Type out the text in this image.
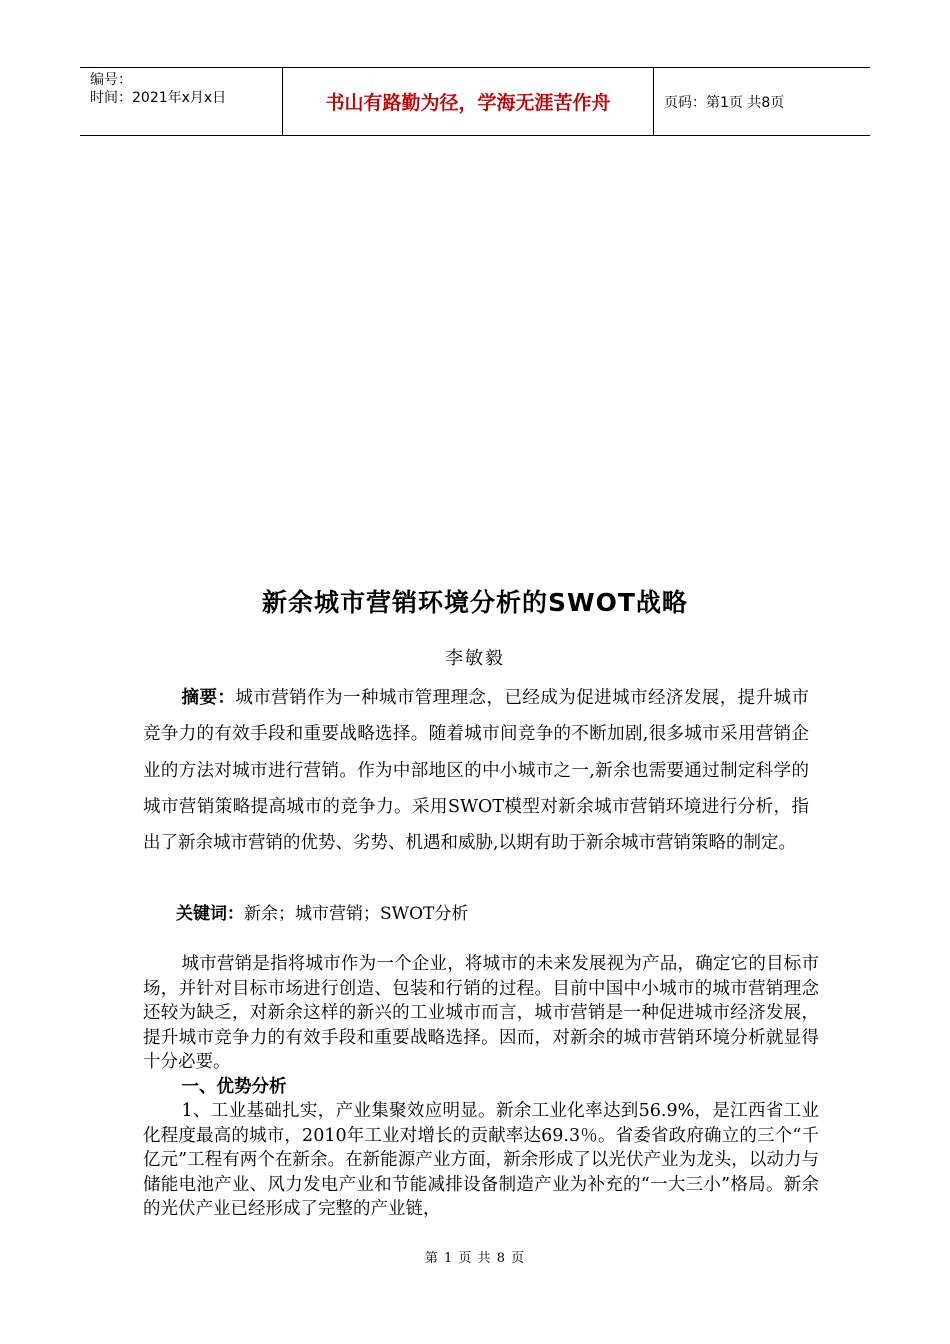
编号：
时间：2021年x月x日	书山有路勤为径，学海无涯苦作舟	页码：第1页 共8页
新余城市营销环境分析的SWOT战略
李敏毅

摘要：城市营销作为一种城市管理理念，已经成为促进城市经济发展，提升城市竞争力的有效手段和重要战略选择。随着城市间竞争的不断加剧,很多城市采用营销企业的方法对城市进行营销。作为中部地区的中小城市之一,新余也需要通过制定科学的城市营销策略提高城市的竞争力。采用SWOT模型对新余城市营销环境进行分析，指出了新余城市营销的优势、劣势、机遇和威胁,以期有助于新余城市营销策略的制定。

关键词：新余；城市营销；SWOT分析

城市营销是指将城市作为一个企业，将城市的未来发展视为产品，确定它的目标市场，并针对目标市场进行创造、包装和行销的过程。目前中国中小城市的城市营销理念还较为缺乏，对新余这样的新兴的工业城市而言，城市营销是一种促进城市经济发展，提升城市竞争力的有效手段和重要战略选择。因而，对新余的城市营销环境分析就显得十分必要。

一、优势分析

1、工业基础扎实，产业集聚效应明显。新余工业化率达到56.9%，是江西省工业化程度最高的城市，2010年工业对增长的贡献率达69.3％。省委省政府确立的三个“千亿元”工程有两个在新余。在新能源产业方面，新余形成了以光伏产业为龙头，以动力与储能电池产业、风力发电产业和节能减排设备制造产业为补充的“一大三小”格局。新余的光伏产业已经形成了完整的产业链，

第 1 页 共 8 页
